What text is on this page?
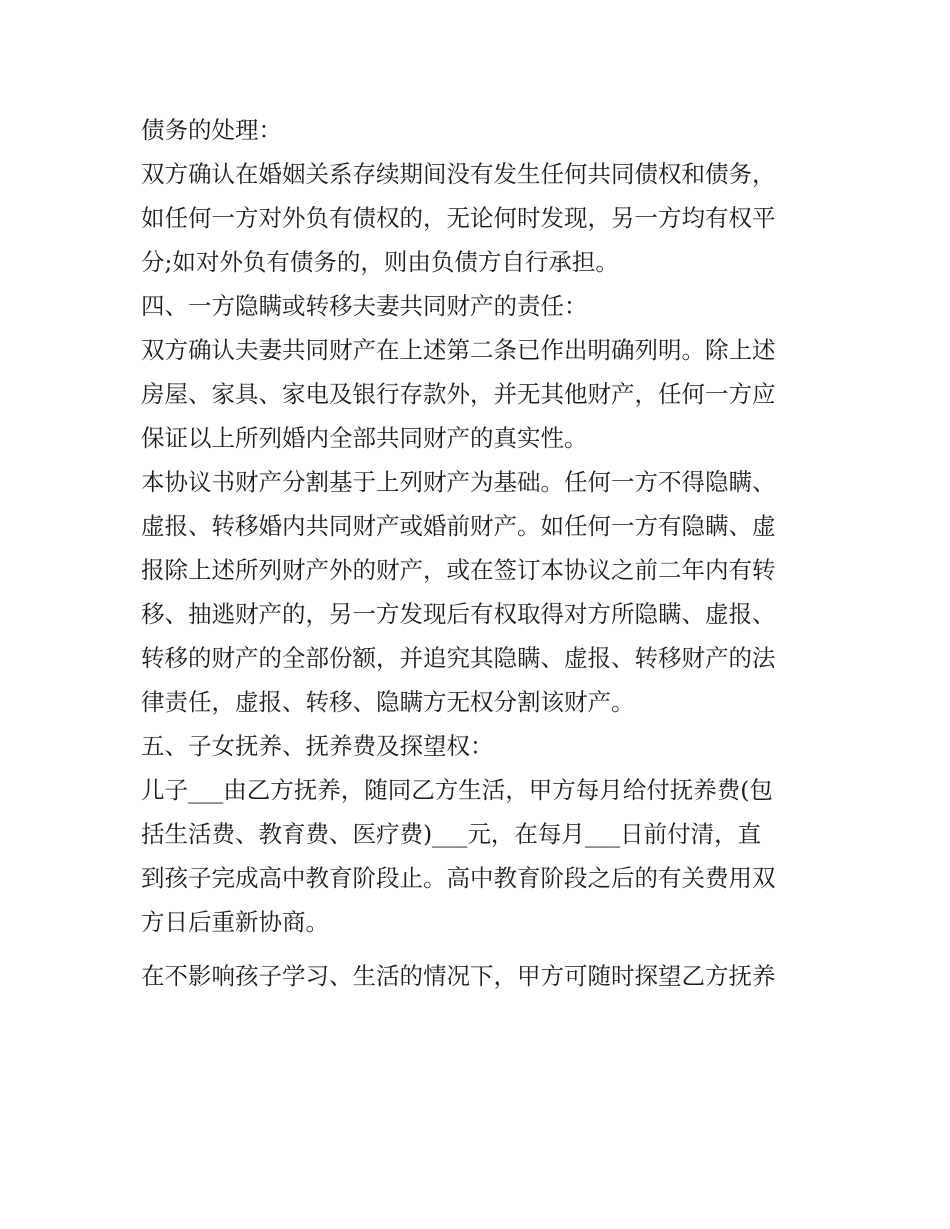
债务的处理：
双方确认在婚姻关系存续期间没有发生任何共同债权和债务，
如任何一方对外负有债权的，无论何时发现，另一方均有权平
分;如对外负有债务的，则由负债方自行承担。
四、一方隐瞒或转移夫妻共同财产的责任：
双方确认夫妻共同财产在上述第二条已作出明确列明。除上述
房屋、家具、家电及银行存款外，并无其他财产，任何一方应
保证以上所列婚内全部共同财产的真实性。
本协议书财产分割基于上列财产为基础。任何一方不得隐瞒、
虚报、转移婚内共同财产或婚前财产。如任何一方有隐瞒、虚
报除上述所列财产外的财产，或在签订本协议之前二年内有转
移、抽逃财产的，另一方发现后有权取得对方所隐瞒、虚报、
转移的财产的全部份额，并追究其隐瞒、虚报、转移财产的法
律责任，虚报、转移、隐瞒方无权分割该财产。
五、子女抚养、抚养费及探望权：
儿子___由乙方抚养，随同乙方生活，甲方每月给付抚养费(包
括生活费、教育费、医疗费)___元，在每月___日前付清，直
到孩子完成高中教育阶段止。高中教育阶段之后的有关费用双
方日后重新协商。
在不影响孩子学习、生活的情况下，甲方可随时探望乙方抚养
